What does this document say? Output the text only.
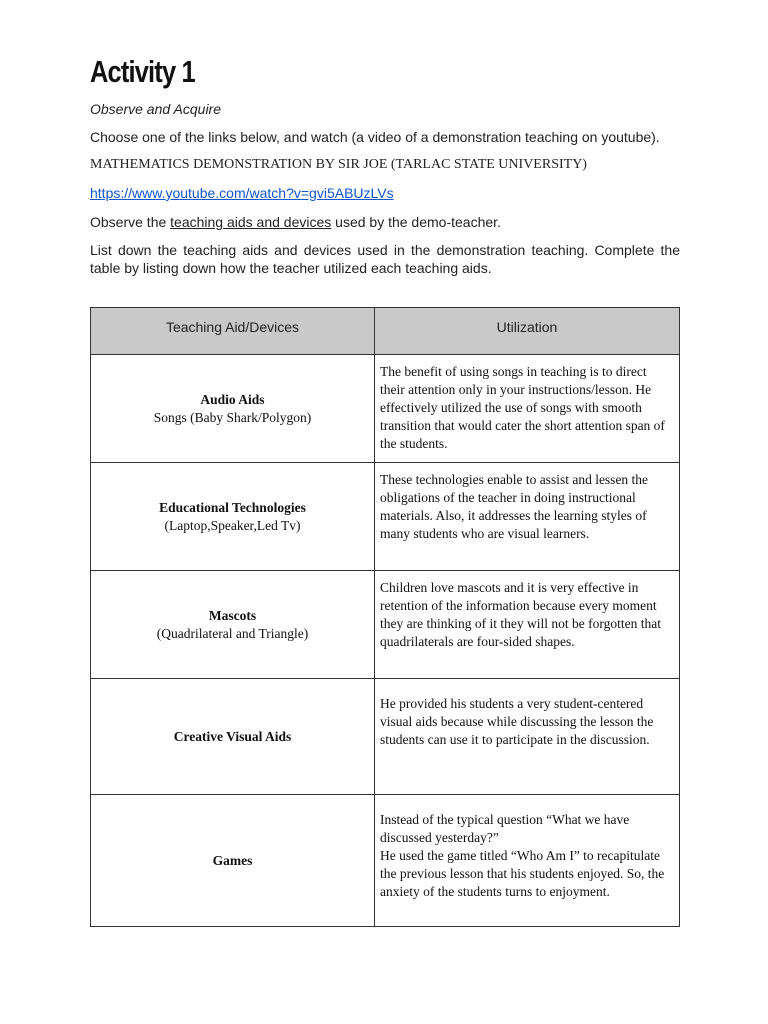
Activity 1
Observe and Acquire
Choose one of the links below, and watch (a video of a demonstration teaching on youtube).
MATHEMATICS DEMONSTRATION BY SIR JOE (TARLAC STATE UNIVERSITY)
https://www.youtube.com/watch?v=gvi5ABUzLVs
Observe the teaching aids and devices used by the demo-teacher.
List down the teaching aids and devices used in the demonstration teaching. Complete the table by listing down how the teacher utilized each teaching aids.
Teaching Aid/Devices	Utilization

Audio Aids
Songs (Baby Shark/Polygon)	The benefit of using songs in teaching is to direct their attention only in your instructions/lesson. He effectively utilized the use of songs with smooth transition that would cater the short attention span of the students.

Educational Technologies
(Laptop,Speaker,Led Tv)	These technologies enable to assist and lessen the obligations of the teacher in doing instructional materials. Also, it addresses the learning styles of many students who are visual learners.

Mascots
(Quadrilateral and Triangle)	Children love mascots and it is very effective in retention of the information because every moment they are thinking of it they will not be forgotten that quadrilaterals are four-sided shapes.

Creative Visual Aids	He provided his students a very student-centered visual aids because while discussing the lesson the students can use it to participate in the discussion.

Games	Instead of the typical question “What we have discussed yesterday?”
He used the game titled “Who Am I” to recapitulate the previous lesson that his students enjoyed. So, the anxiety of the students turns to enjoyment.
